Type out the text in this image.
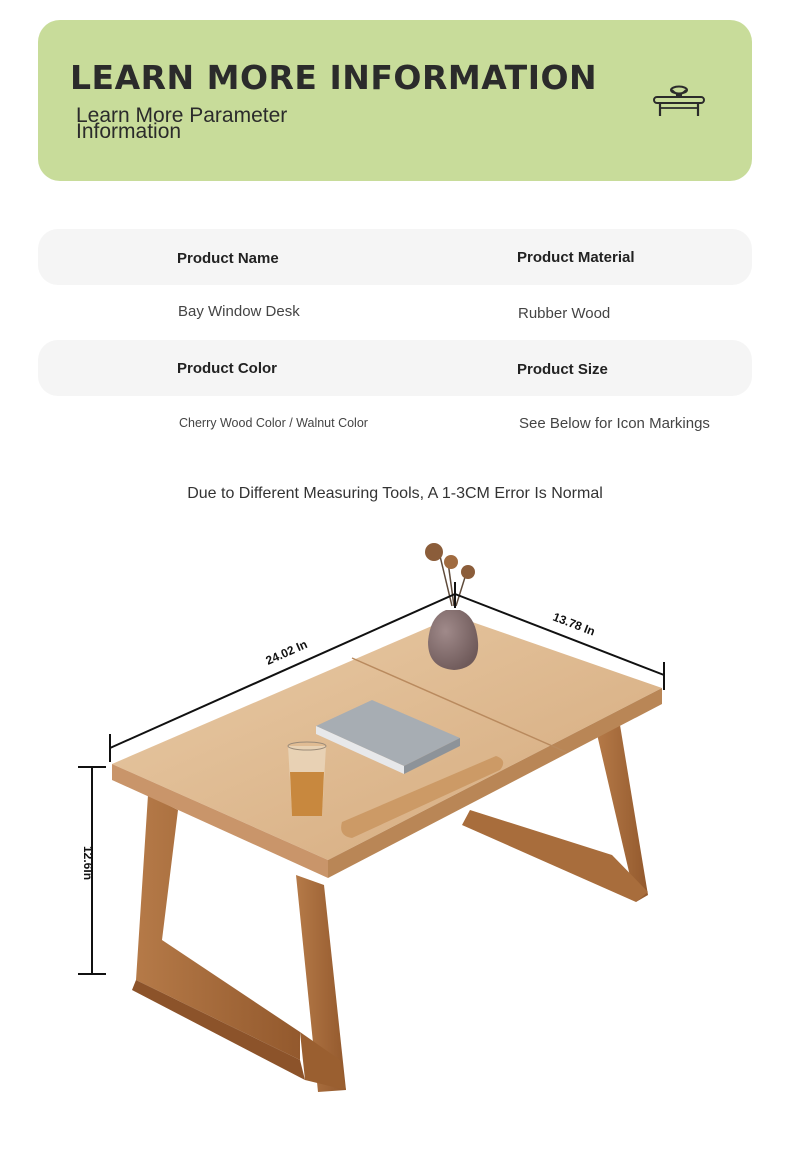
LEARN MORE INFORMATION
Learn More Parameter Information
Product Name	Product Material
Bay Window Desk	Rubber Wood
Product Color	Product Size
Cherry Wood Color / Walnut Color	See Below for Icon Markings
Due to Different Measuring Tools, A 1-3CM Error Is Normal
24.02 In
13.78 In
12.6In
